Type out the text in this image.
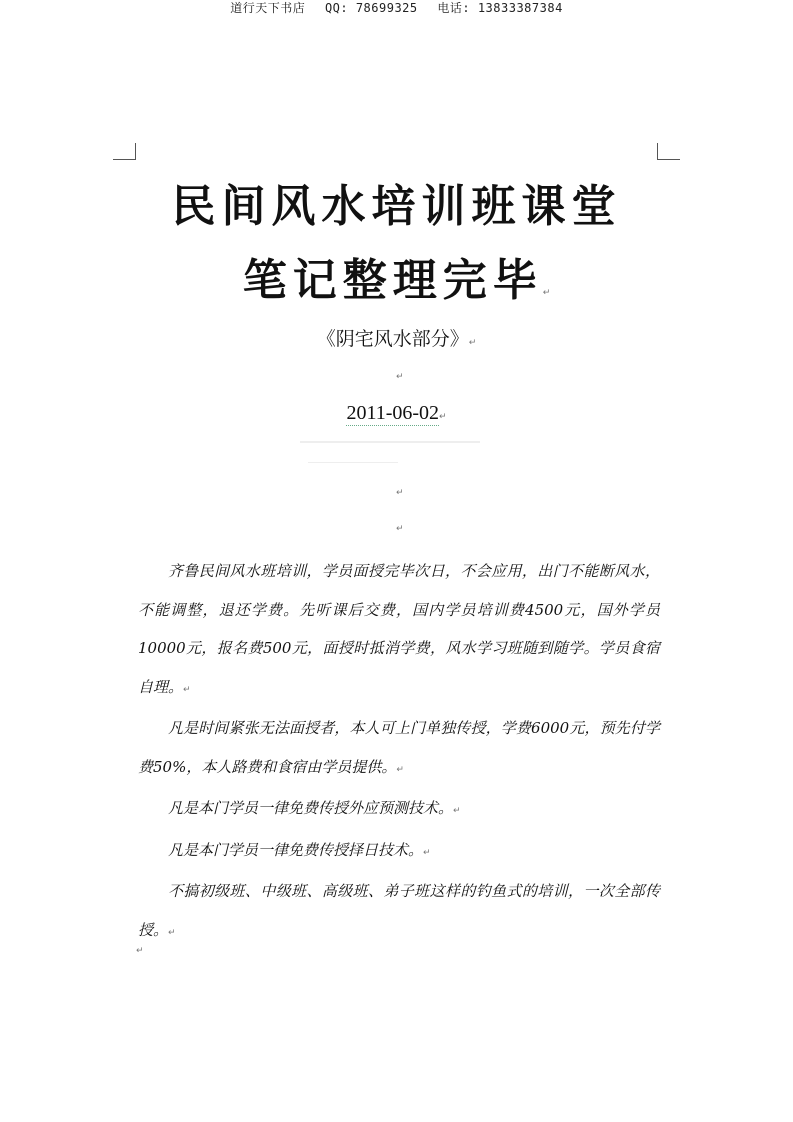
道行天下书店 QQ: 78699325 电话: 13833387384
民间风水培训班课堂
笔记整理完毕↵
《阴宅风水部分》↵
↵
2011-06-02↵
↵
↵

齐鲁民间风水班培训，学员面授完毕次日，不会应用，出门不能断风水，不能调整，退还学费。先听课后交费，国内学员培训费4500元，国外学员10000元，报名费500元，面授时抵消学费，风水学习班随到随学。学员食宿自理。↵

凡是时间紧张无法面授者，本人可上门单独传授，学费6000元，预先付学费50%，本人路费和食宿由学员提供。↵

凡是本门学员一律免费传授外应预测技术。↵

凡是本门学员一律免费传授择日技术。↵

不搞初级班、中级班、高级班、弟子班这样的钓鱼式的培训，一次全部传授。↵

↵
